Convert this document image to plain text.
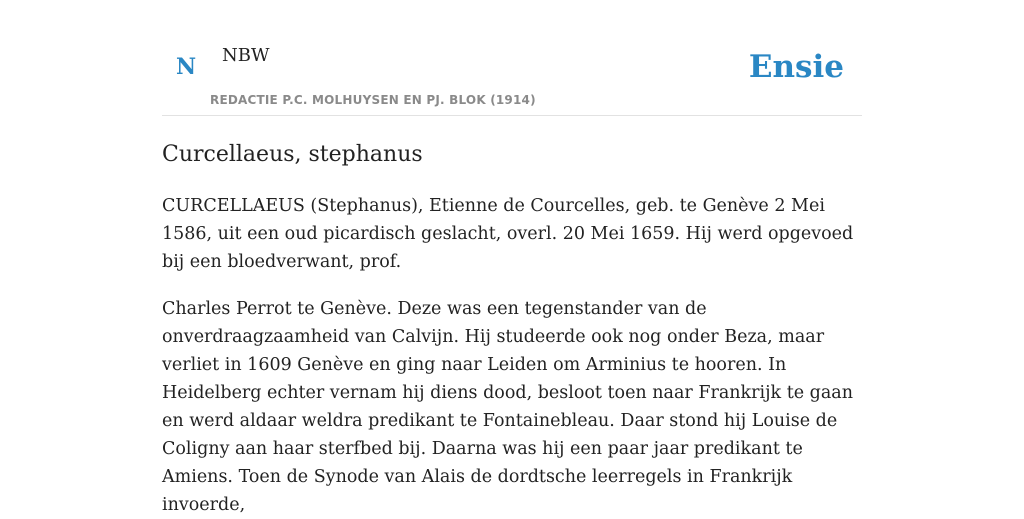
N NBW
REDACTIE P.C. MOLHUYSEN EN PJ. BLOK (1914)
Ensie
Curcellaeus, stephanus

CURCELLAEUS (Stephanus), Etienne de Courcelles, geb. te Genève 2 Mei 1586, uit een oud picardisch geslacht, overl. 20 Mei 1659. Hij werd opgevoed bij een bloedverwant, prof.

Charles Perrot te Genève. Deze was een tegenstander van de onverdraagzaamheid van Calvijn. Hij studeerde ook nog onder Beza, maar verliet in 1609 Genève en ging naar Leiden om Arminius te hooren. In Heidelberg echter vernam hij diens dood, besloot toen naar Frankrijk te gaan en werd aldaar weldra predikant te Fontainebleau. Daar stond hij Louise de Coligny aan haar sterfbed bij. Daarna was hij een paar jaar predikant te Amiens. Toen de Synode van Alais de dordtsche leerregels in Frankrijk invoerde,
